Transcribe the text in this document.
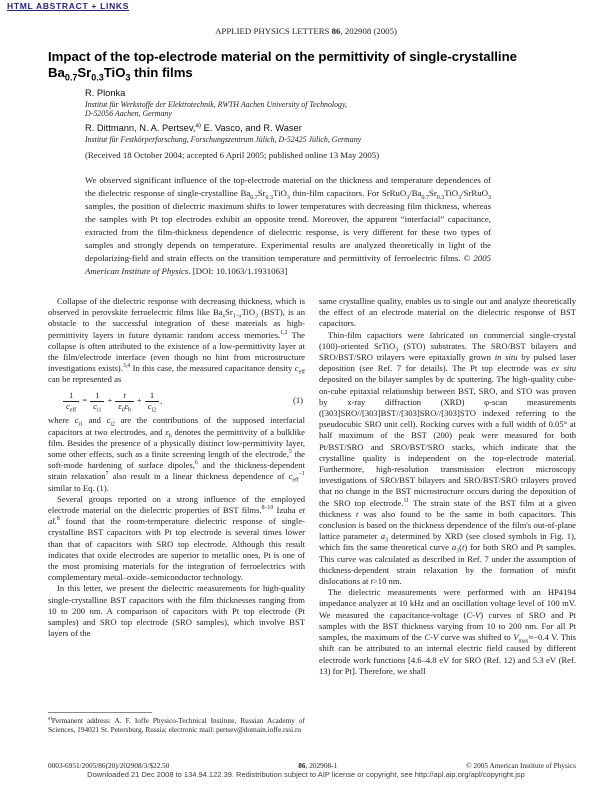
HTML ABSTRACT + LINKS
APPLIED PHYSICS LETTERS 86, 202908 (2005)
Impact of the top-electrode material on the permittivity of single-crystalline $Ba_{0.7}Sr_{0.3}TiO_3$ thin films
R. Plonka
Institut für Werkstoffe der Elektrotechnik, RWTH Aachen University of Technology,
D-52056 Aachen, Germany
R. Dittmann, N. A. Pertsev,$^{a)}$ E. Vasco, and R. Waser
Institut für Festkörperforschung, Forschungszentrum Jülich, D-52425 Jülich, Germany
(Received 18 October 2004; accepted 6 April 2005; published online 13 May 2005)
We observed significant influence of the top-electrode material on the thickness and temperature dependences of the dielectric response of single-crystalline $Ba_{0.7}Sr_{0.3}TiO_3$ thin-film capacitors. For $SrRuO_3/Ba_{0.7}Sr_{0.3}TiO_3/SrRuO_3$ samples, the position of dielectric maximum shifts to lower temperatures with decreasing film thickness, whereas the samples with Pt top electrodes exhibit an opposite trend. Moreover, the apparent “interfacial” capacitance, extracted from the film-thickness dependence of dielectric response, is very different for these two types of samples and strongly depends on temperature. Experimental results are analyzed theoretically in light of the depolarizing-field and strain effects on the transition temperature and permittivity of ferroelectric films. © 2005 American Institute of Physics. [DOI: 10.1063/1.1931063]

Collapse of the dielectric response with decreasing thickness, which is observed in perovskite ferroelectric films like $Ba_xSr_{1-x}TiO_3$ (BST), is an obstacle to the successful integration of these materials as high-permittivity layers in future dynamic random access memories.$^{1,2}$ The collapse is often attributed to the existence of a low-permittivity layer at the film/electrode interface (even though no hint from microstructure investigations exists).$^{3,4}$ In this case, the measured capacitance density $c_{eff}$ can be represented as

$\frac{1}{c_{eff}} = \frac{1}{c_{i1}} + \frac{t}{\varepsilon_0\varepsilon_b} + \frac{1}{c_{i2}}$ ,	(1)

where $c_{i1}$ and $c_{i2}$ are the contributions of the supposed interfacial capacitors at two electrodes, and $\varepsilon_b$ denotes the permittivity of a bulklike film. Besides the presence of a physically distinct low-permittivity layer, some other effects, such as a finite screening length of the electrode,$^5$ the soft-mode hardening of surface dipoles,$^6$ and the thickness-dependent strain relaxation$^7$ also result in a linear thickness dependence of $c_{eff}^{-1}$ similar to Eq. (1).

Several groups reported on a strong influence of the employed electrode material on the dielectric properties of BST films.$^{8-10}$ Izuha et al.$^8$ found that the room-temperature dielectric response of single-crystalline BST capacitors with Pt top electrode is several times lower than that of capacitors with SRO top electrode. Although this result indicates that oxide electrodes are superior to metallic ones, Pt is one of the most promising materials for the integration of ferroelectrics with complementary metal–oxide–semiconductor technology.

In this letter, we present the dielectric measurements for high-quality single-crystalline BST capacitors with the film thicknesses ranging from 10 to 200 nm. A comparison of capacitors with Pt top electrode (Pt samples) and SRO top electrode (SRO samples), which involve BST layers of the

same crystalline quality, enables us to single out and analyze theoretically the effect of an electrode material on the dielectric response of BST capacitors.

Thin-film capacitors were fabricated on commercial single-crystal (100)-oriented SrTiO$_3$ (STO) substrates. The SRO/BST bilayers and SRO/BST/SRO trilayers were epitaxially grown in situ by pulsed laser deposition (see Ref. 7 for details). The Pt top electrode was ex situ deposited on the bilayer samples by dc sputtering. The high-quality cube-on-cube epitaxial relationship between BST, SRO, and STO was proven by x-ray diffraction (XRD) φ-scan measurements ([303]SRO//[303]BST//[303]SRO//[303]STO indexed referring to the pseudocubic SRO unit cell). Rocking curves with a full width of 0.05° at half maximum of the BST (200) peak were measured for both Pt/BST/SRO and SRO/BST/SRO stacks, which indicate that the crystalline quality is independent on the top-electrode material. Furthermore, high-resolution transmission electron microscopy investigations of SRO/BST bilayers and SRO/BST/SRO trilayers proved that no change in the BST microstructure occurs during the deposition of the SRO top electrode.$^{11}$ The strain state of the BST film at a given thickness t was also found to be the same in both capacitors. This conclusion is based on the thickness dependence of the film's out-of-plane lattice parameter $a_3$ determined by XRD (see closed symbols in Fig. 1), which fits the same theoretical curve $a_3(t)$ for both SRO and Pt samples. This curve was calculated as described in Ref. 7 under the assumption of thickness-dependent strain relaxation by the formation of misfit dislocations at t>10 nm.

The dielectric measurements were performed with an HP4194 impedance analyzer at 10 kHz and an oscillation voltage level of 100 mV. We measured the capacitance-voltage (C-V) curves of SRO and Pt samples with the BST thickness varying from 10 to 200 nm. For all Pt samples, the maximum of the C-V curve was shifted to $V_{max}\approx-0.4$ V. This shift can be attributed to an internal electric field caused by different electrode work functions [4.6–4.8 eV for SRO (Ref. 12) and 5.3 eV (Ref. 13) for Pt]. Therefore, we shall

$^{a)}$Permanent address: A. F. Ioffe Physico-Technical Institute, Russian Academy of Sciences, 194021 St. Petersburg, Russia; electronic mail: pertsev@domain.ioffe.rssi.ru
0003-6951/2005/86(20)/202908/3/$22.50	86, 202908-1	© 2005 American Institute of Physics
Downloaded 21 Dec 2008 to 134.94.122.39. Redistribution subject to AIP license or copyright, see http://apl.aip.org/apl/copyright.jsp
